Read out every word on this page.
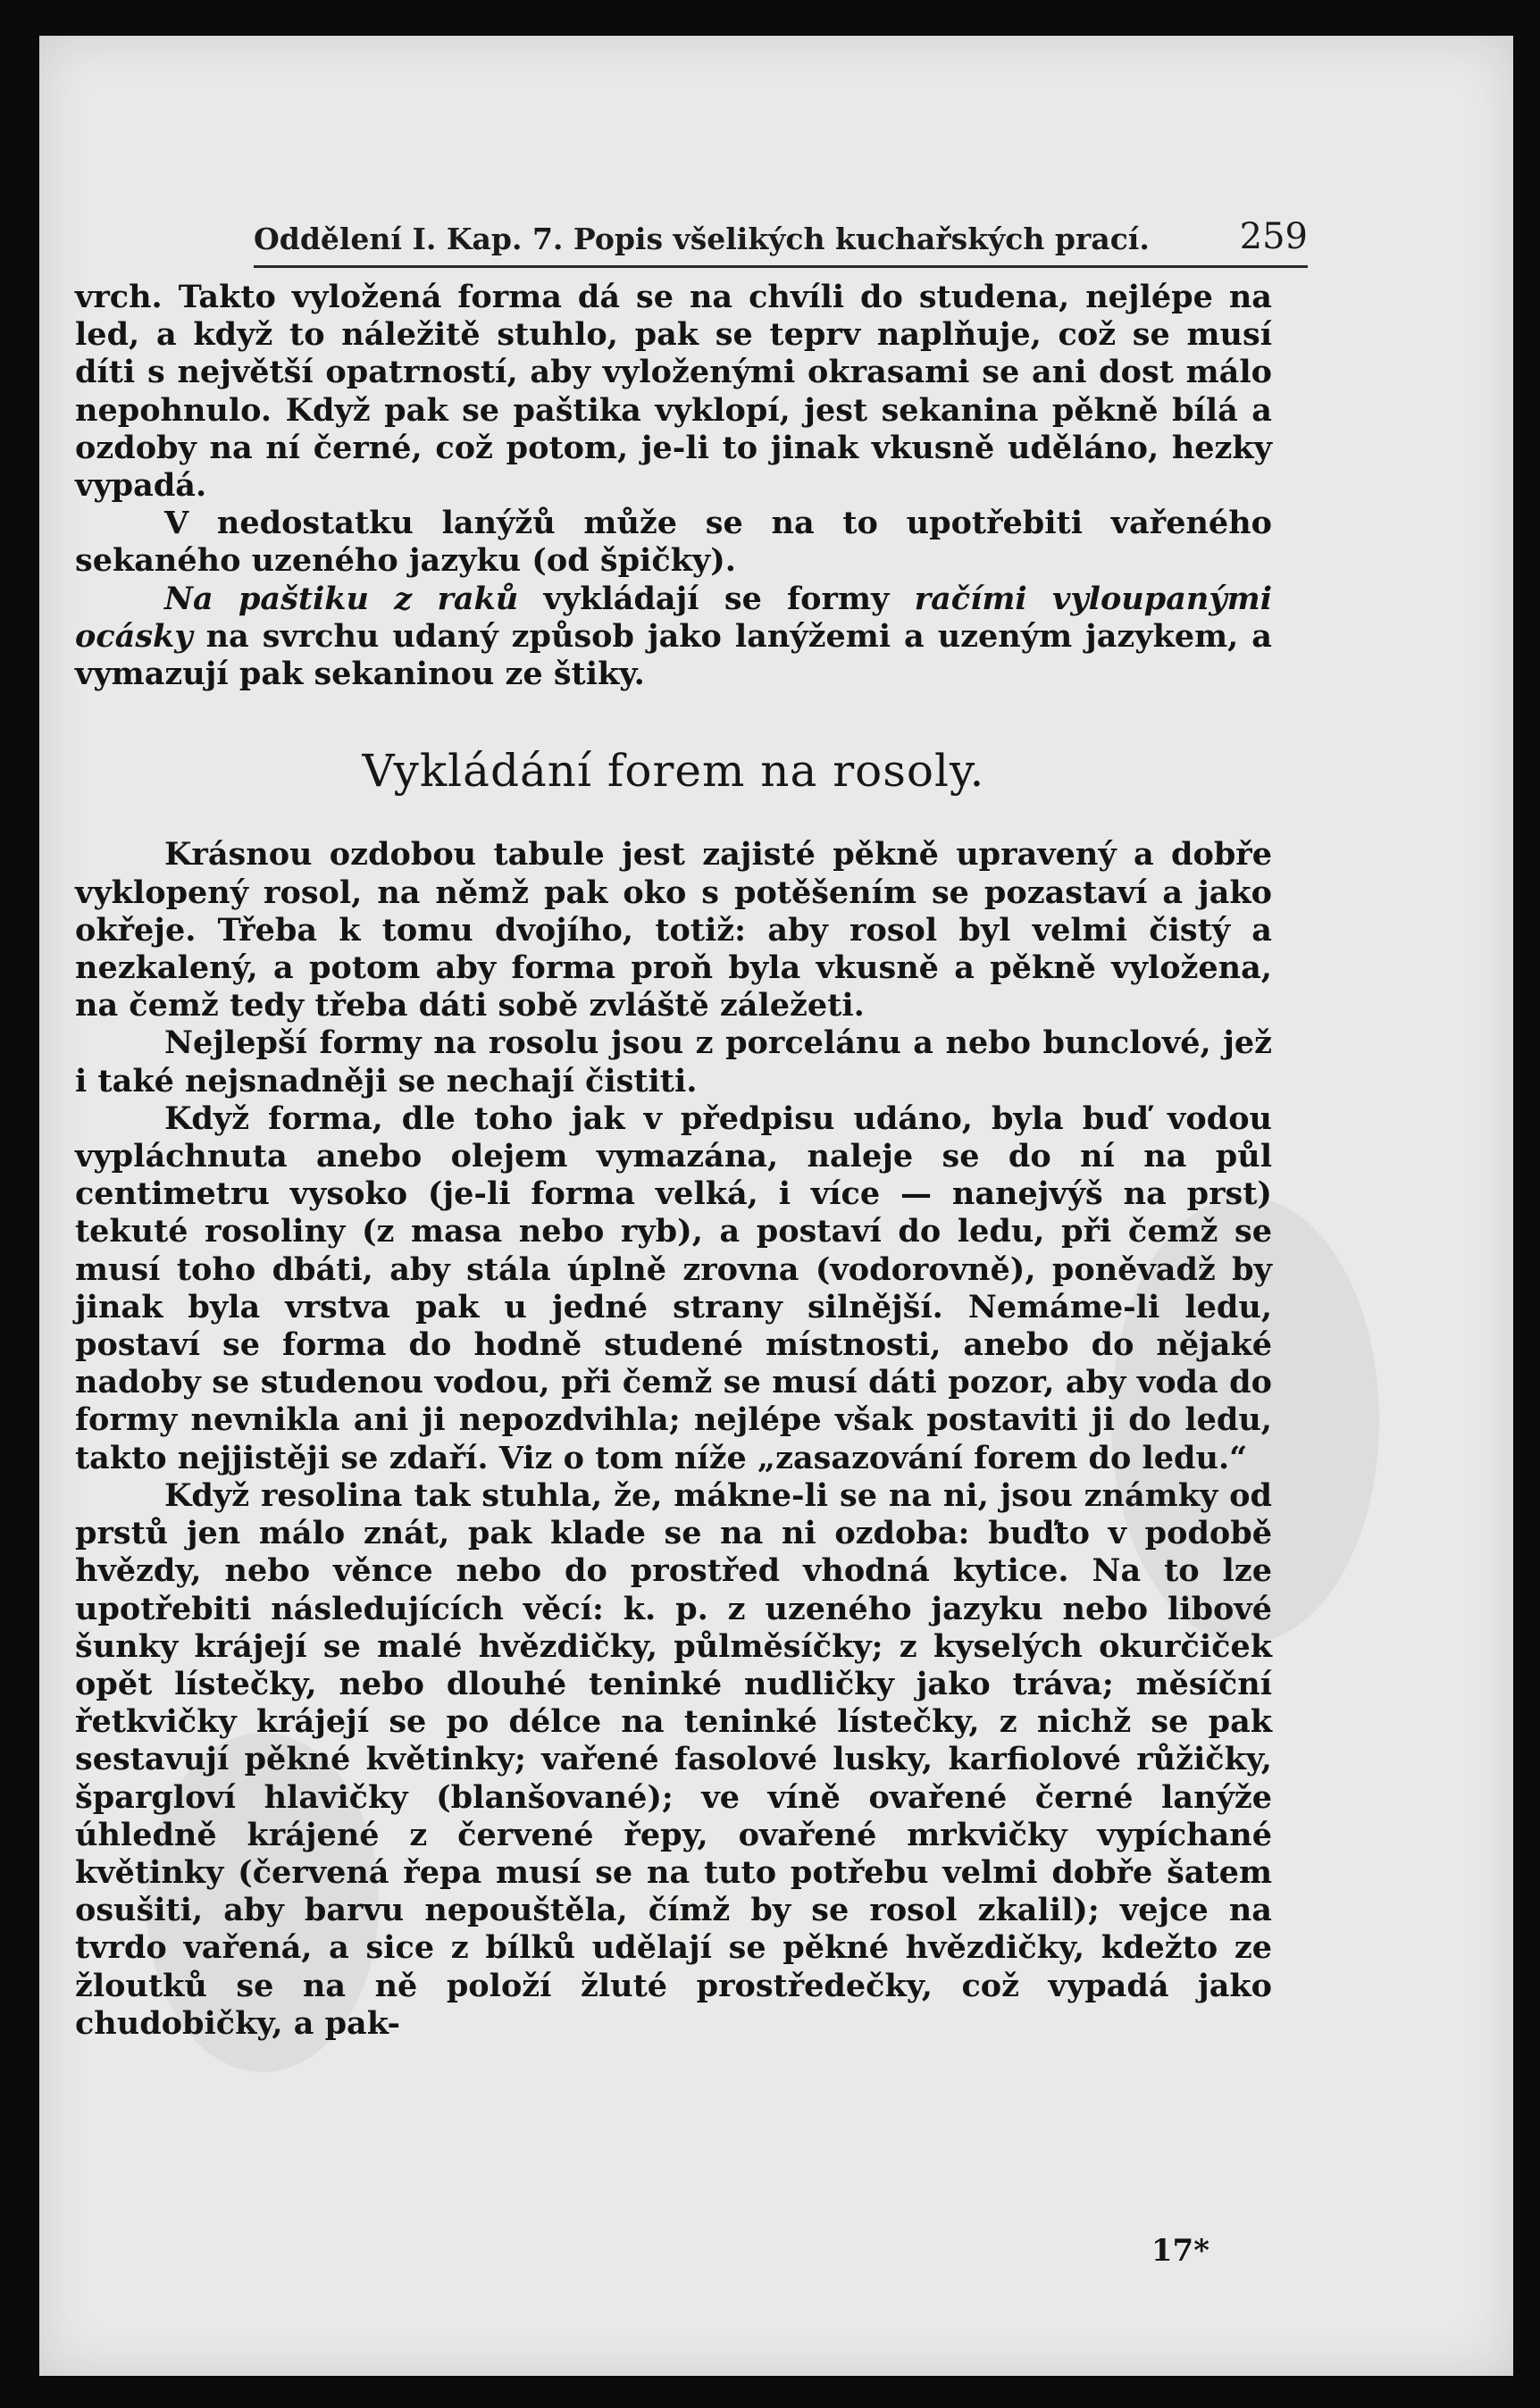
Oddělení I. Kap. 7. Popis všelikých kuchařských prací.	259

vrch. Takto vyložená forma dá se na chvíli do studena, nejlépe na led, a když to náležitě stuhlo, pak se teprv naplňuje, což se musí díti s největší opatrností, aby vyloženými okrasami se ani dost málo nepohnulo. Když pak se paštika vyklopí, jest sekanina pěkně bílá a ozdoby na ní černé, což potom, je-li to jinak vkusně uděláno, hezky vypadá.

V nedostatku lanýžů může se na to upotřebiti vařeného sekaného uzeného jazyku (od špičky).

Na paštiku z raků vykládají se formy račími vyloupanými ocásky na svrchu udaný způsob jako lanýžemi a uzeným jazykem, a vymazují pak sekaninou ze štiky.

Vykládání forem na rosoly.

Krásnou ozdobou tabule jest zajisté pěkně upravený a dobře vyklopený rosol, na němž pak oko s potěšením se pozastaví a jako okřeje. Třeba k tomu dvojího, totiž: aby rosol byl velmi čistý a nezkalený, a potom aby forma proň byla vkusně a pěkně vyložena, na čemž tedy třeba dáti sobě zvláště záležeti.

Nejlepší formy na rosolu jsou z porcelánu a nebo bunclové, jež i také nejsnadněji se nechají čistiti.

Když forma, dle toho jak v předpisu udáno, byla buď vodou vypláchnuta anebo olejem vymazána, naleje se do ní na půl centimetru vysoko (je-li forma velká, i více — nanejvýš na prst) tekuté rosoliny (z masa nebo ryb), a postaví do ledu, při čemž se musí toho dbáti, aby stála úplně zrovna (vodorovně), poněvadž by jinak byla vrstva pak u jedné strany silnější. Nemáme-li ledu, postaví se forma do hodně studené místnosti, anebo do nějaké nadoby se studenou vodou, při čemž se musí dáti pozor, aby voda do formy nevnikla ani ji nepozdvihla; nejlépe však postaviti ji do ledu, takto nejjistěji se zdaří. Viz o tom níže „zasazování forem do ledu.“

Když resolina tak stuhla, že, mákne-li se na ni, jsou známky od prstů jen málo znát, pak klade se na ni ozdoba: buďto v podobě hvězdy, nebo věnce nebo do prostřed vhodná kytice. Na to lze upotřebiti následujících věcí: k. p. z uzeného jazyku nebo libové šunky krájejí se malé hvězdičky, půlměsíčky; z kyselých okurčiček opět lístečky, nebo dlouhé teninké nudličky jako tráva; měsíční řetkvičky krájejí se po délce na teninké lístečky, z nichž se pak sestavují pěkné květinky; vařené fasolové lusky, karfiolové růžičky, špargloví hlavičky (blanšované); ve víně ovařené černé lanýže úhledně krájené z červené řepy, ovařené mrkvičky vypíchané květinky (červená řepa musí se na tuto potřebu velmi dobře šatem osušiti, aby barvu nepouštěla, čímž by se rosol zkalil); vejce na tvrdo vařená, a sice z bílků udělají se pěkné hvězdičky, kdežto ze žloutků se na ně položí žluté prostředečky, což vypadá jako chudobičky, a pak-

17*
